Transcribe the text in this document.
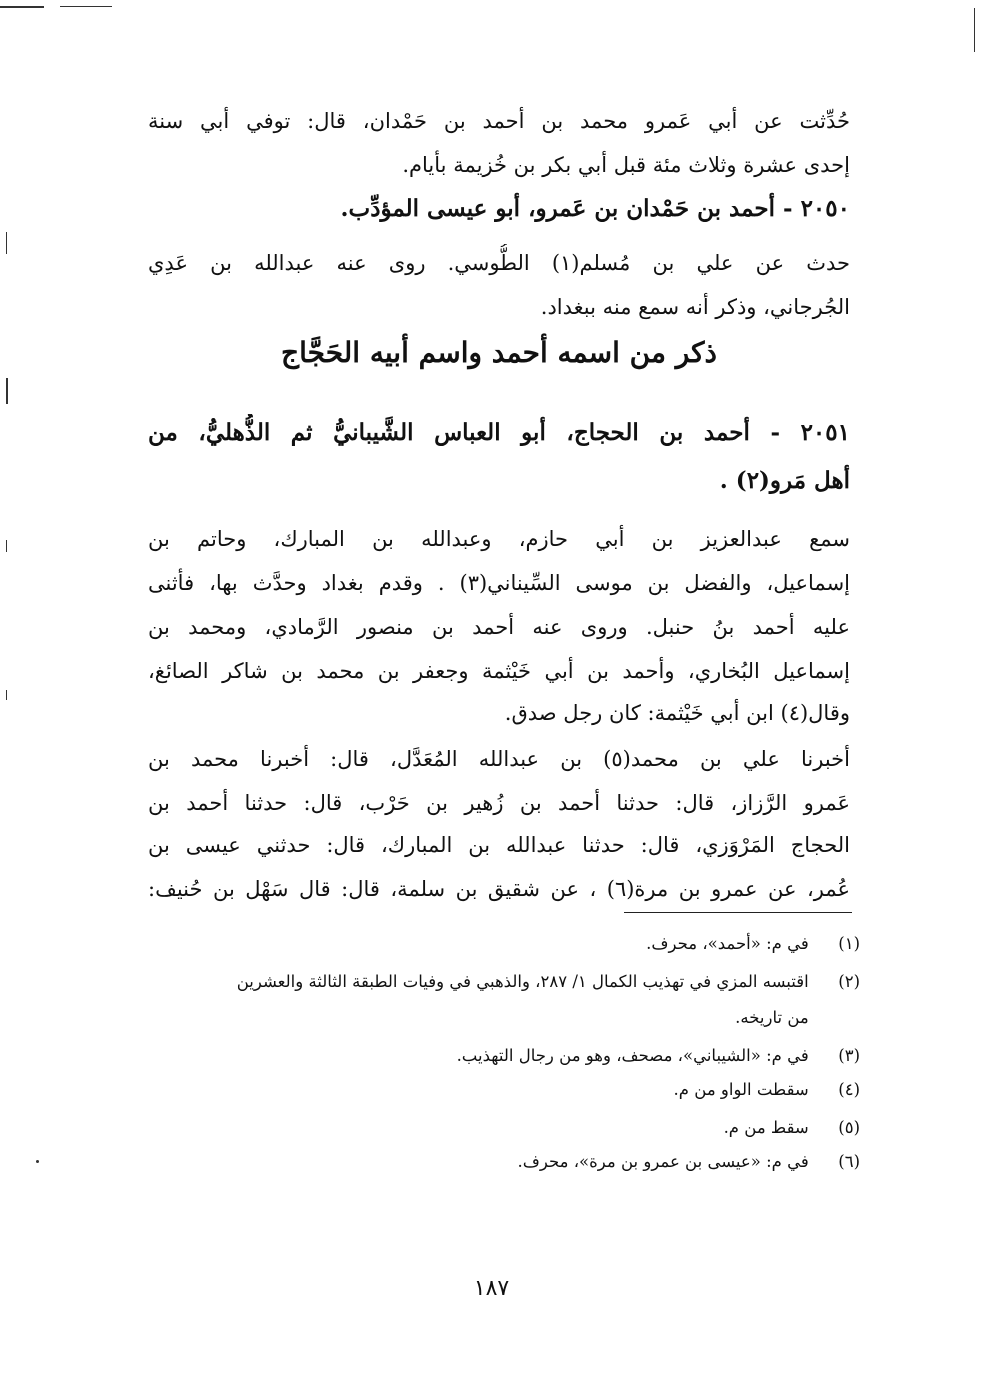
حُدِّثت عن أبي عَمرو محمد بن أحمد بن حَمْدان، قال: توفي أبي سنة
إحدى عشرة وثلاث مئة قبل أبي بكر بن خُزيمة بأيام.
٢٠٥٠ - أحمد بن حَمْدان بن عَمرو، أبو عيسى المؤدِّب.
حدث عن علي بن مُسلم(١) الطُّوسي. روى عنه عبدالله بن عَدِي
الجُرجاني، وذكر أنه سمع منه ببغداد.
ذكر من اسمه أحمد واسم أبيه الحَجَّاج
٢٠٥١ - أحمد بن الحجاج، أبو العباس الشَّيبانيُّ ثم الذُّهليُّ، من
أهل مَرو(٢) .
سمع عبدالعزيز بن أبي حازم، وعبدالله بن المبارك، وحاتم بن
إسماعيل، والفضل بن موسى السِّيناني(٣) . وقدم بغداد وحدَّث بها، فأثنى
عليه أحمد بنُ حنبل. وروى عنه أحمد بن منصور الرَّمادي، ومحمد بن
إسماعيل البُخاري، وأحمد بن أبي خَيْثمة وجعفر بن محمد بن شاكر الصائغ،
وقال(٤) ابن أبي خَيْثمة: كان رجل صدق.
أخبرنا علي بن محمد(٥) بن عبدالله المُعَدَّل، قال: أخبرنا محمد بن
عَمرو الرَّزاز، قال: حدثنا أحمد بن زُهير بن حَرْب، قال: حدثنا أحمد بن
الحجاج المَرْوَزي، قال: حدثنا عبدالله بن المبارك، قال: حدثني عيسى بن
عُمر، عن عمرو بن مرة(٦) ، عن شقيق بن سلمة، قال: قال سَهْل بن حُنيف:
(١) في م: «أحمد»، محرف.
(٢) اقتبسه المزي في تهذيب الكمال ١/ ٢٨٧، والذهبي في وفيات الطبقة الثالثة والعشرين
من تاريخه.
(٣) في م: «الشيباني»، مصحف، وهو من رجال التهذيب.
(٤) سقطت الواو من م.
(٥) سقط من م.
(٦) في م: «عيسى بن عمرو بن مرة»، محرف.
١٨٧
